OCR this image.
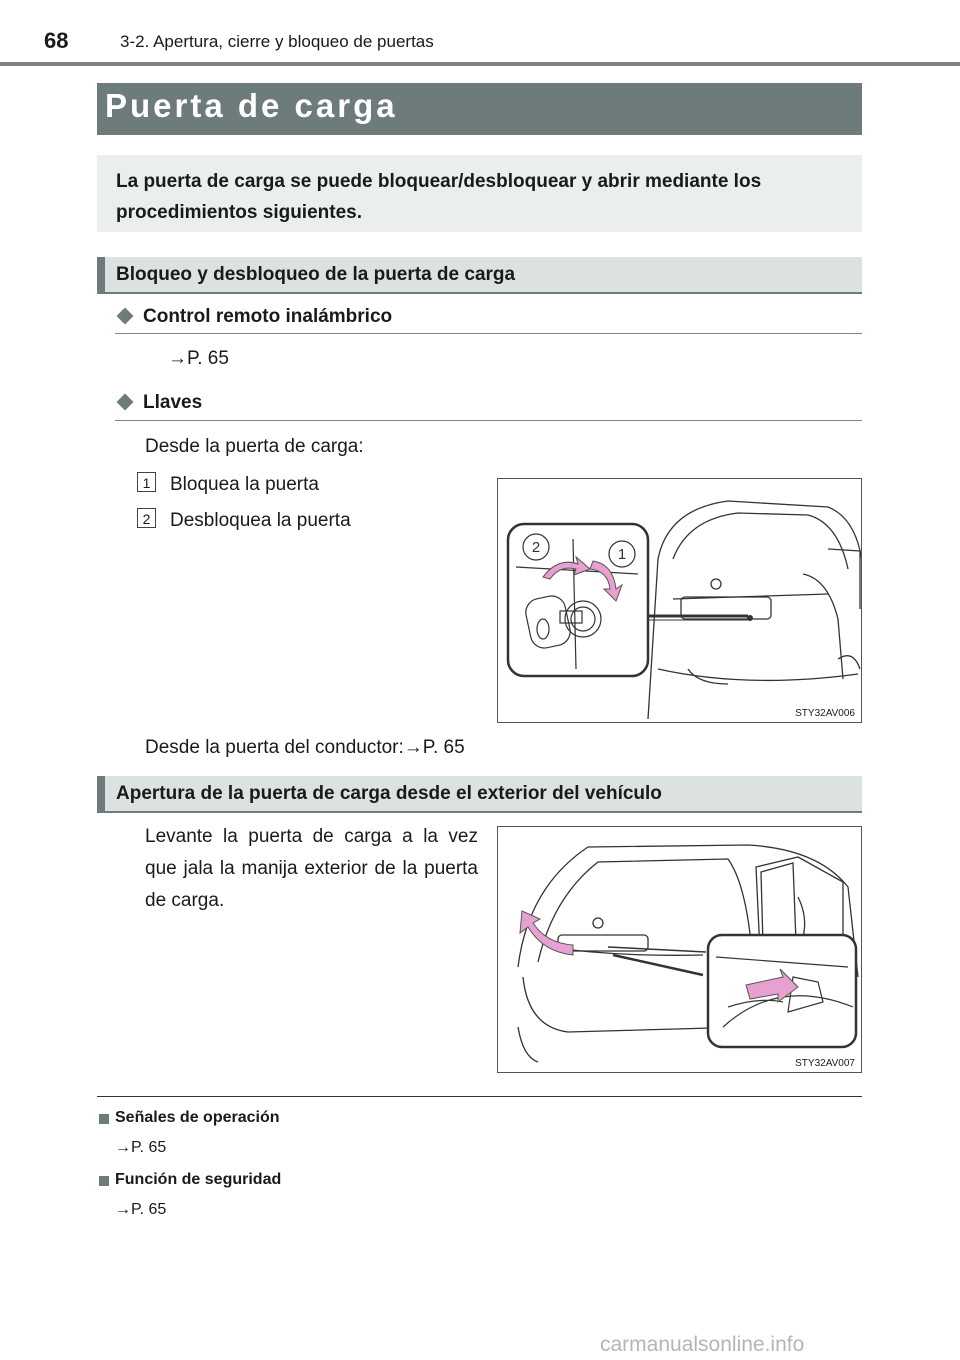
68	3-2. Apertura, cierre y bloqueo de puertas
Puerta de carga
La puerta de carga se puede bloquear/desbloquear y abrir mediante los procedimientos siguientes.
Bloqueo y desbloqueo de la puerta de carga
Control remoto inalámbrico
→P. 65
Llaves
Desde la puerta de carga:
1 Bloquea la puerta
2 Desbloquea la puerta
2	1
STY32AV006
Desde la puerta del conductor:→P. 65
Apertura de la puerta de carga desde el exterior del vehículo
Levante la puerta de carga a la vez que jala la manija exterior de la puerta de carga.
STY32AV007
Señales de operación
→P. 65
Función de seguridad
→P. 65
carmanualsonline.info
